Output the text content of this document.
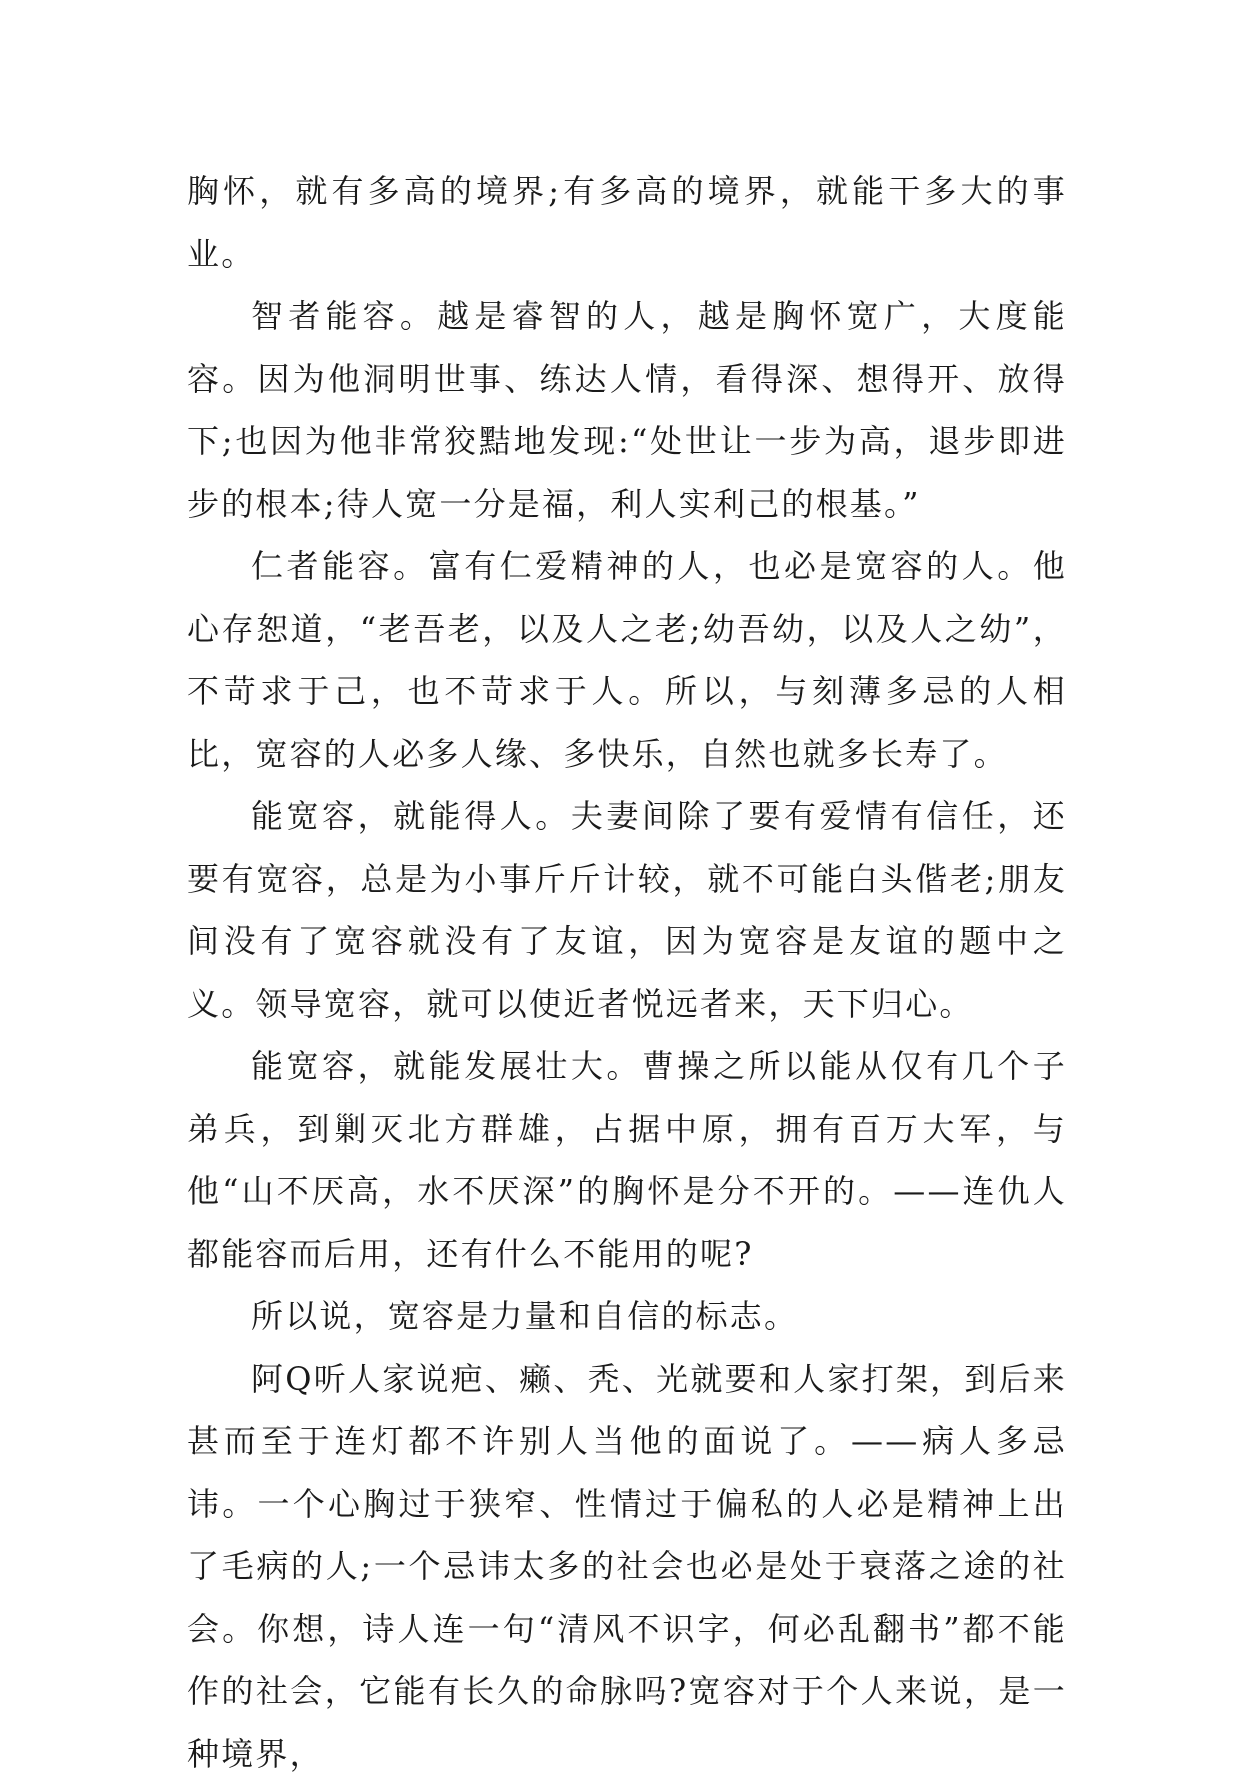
胸怀，就有多高的境界;有多高的境界，就能干多大的事业。

智者能容。越是睿智的人，越是胸怀宽广，大度能容。因为他洞明世事、练达人情，看得深、想得开、放得下;也因为他非常狡黠地发现:“处世让一步为高，退步即进步的根本;待人宽一分是福，利人实利己的根基。”

仁者能容。富有仁爱精神的人，也必是宽容的人。他心存恕道，“老吾老，以及人之老;幼吾幼，以及人之幼”，不苛求于己，也不苛求于人。所以，与刻薄多忌的人相比，宽容的人必多人缘、多快乐，自然也就多长寿了。

能宽容，就能得人。夫妻间除了要有爱情有信任，还要有宽容，总是为小事斤斤计较，就不可能白头偕老;朋友间没有了宽容就没有了友谊，因为宽容是友谊的题中之义。领导宽容，就可以使近者悦远者来，天下归心。

能宽容，就能发展壮大。曹操之所以能从仅有几个子弟兵，到剿灭北方群雄，占据中原，拥有百万大军，与他“山不厌高，水不厌深”的胸怀是分不开的。——连仇人都能容而后用，还有什么不能用的呢?

所以说，宽容是力量和自信的标志。

阿Q听人家说疤、癞、秃、光就要和人家打架，到后来甚而至于连灯都不许别人当他的面说了。——病人多忌讳。一个心胸过于狭窄、性情过于偏私的人必是精神上出了毛病的人;一个忌讳太多的社会也必是处于衰落之途的社会。你想，诗人连一句“清风不识字，何必乱翻书”都不能作的社会，它能有长久的命脉吗?宽容对于个人来说，是一种境界，
